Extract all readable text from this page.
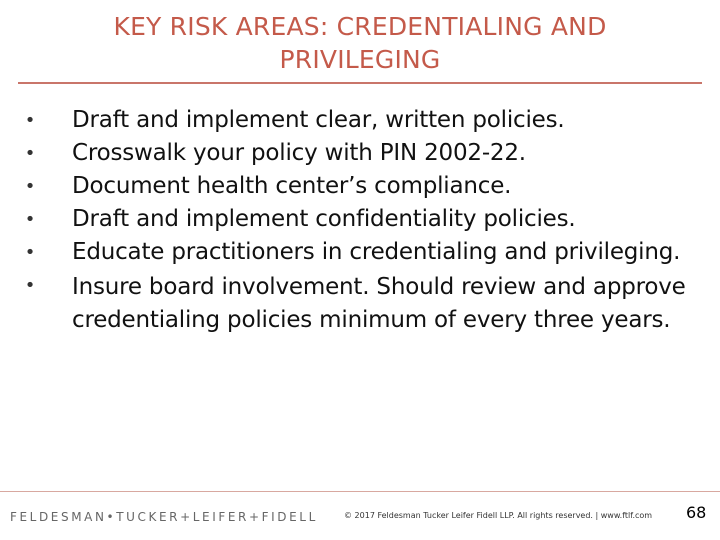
KEY RISK AREAS: CREDENTIALING AND PRIVILEGING
• Draft and implement clear, written policies.
• Crosswalk your policy with PIN 2002-22.
• Document health center’s compliance.
• Draft and implement confidentiality policies.
• Educate practitioners in credentialing and privileging.
• Insure board involvement. Should review and approve credentialing policies minimum of every three years.
FELDESMAN•TUCKER+LEIFER+FIDELL	© 2017 Feldesman Tucker Leifer Fidell LLP. All rights reserved. | www.ftlf.com 68
